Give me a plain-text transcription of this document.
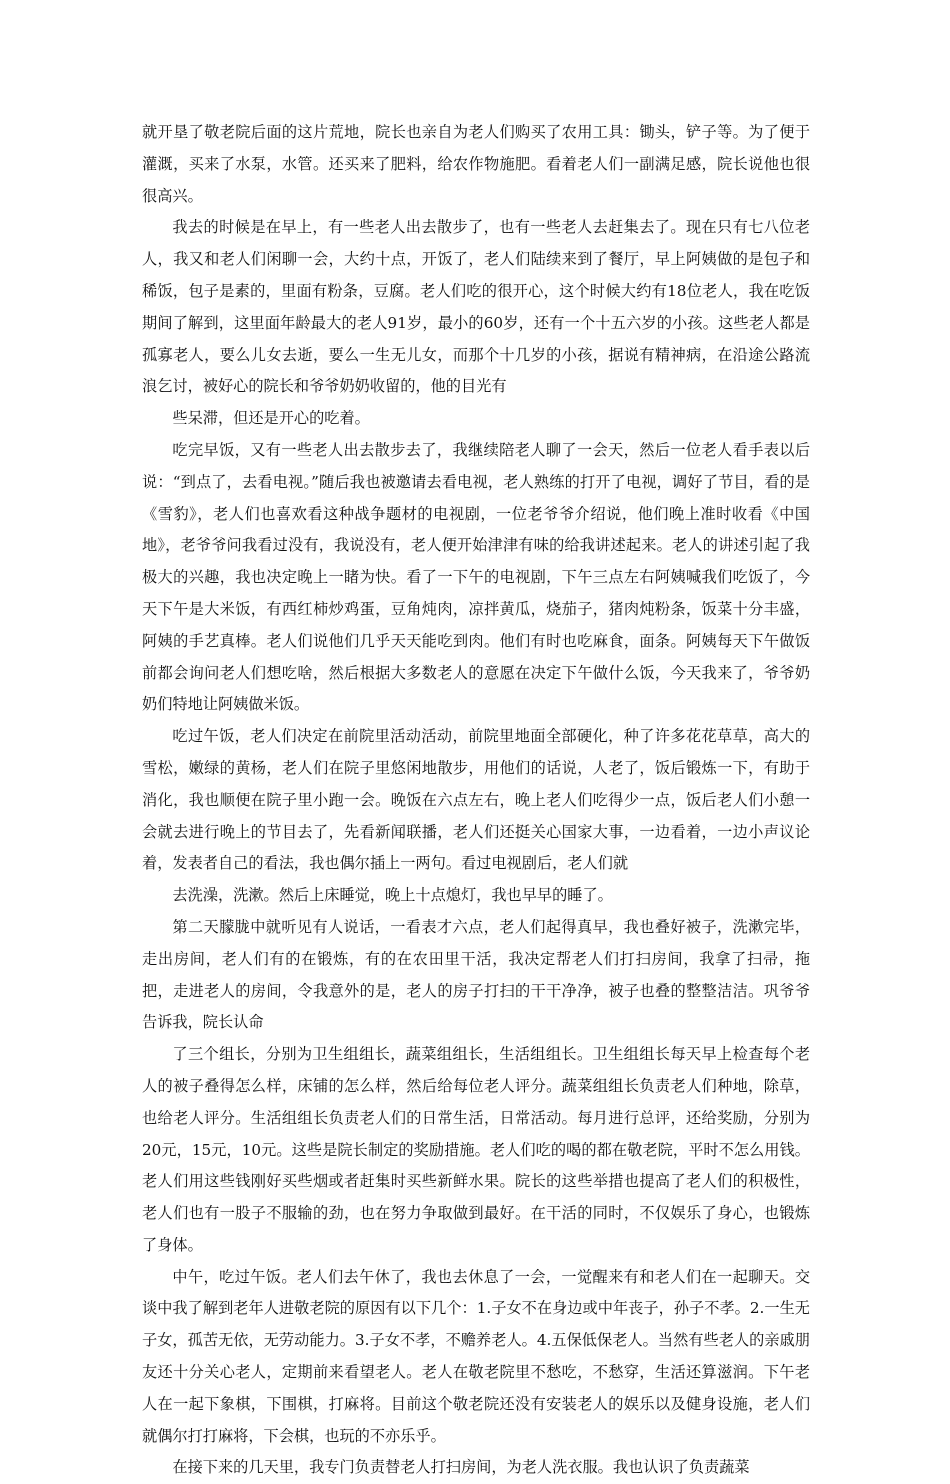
就开垦了敬老院后面的这片荒地，院长也亲自为老人们购买了农用工具：锄头，铲子等。为了便于灌溉，买来了水泵，水管。还买来了肥料，给农作物施肥。看着老人们一副满足感，院长说他也很很高兴。

我去的时候是在早上，有一些老人出去散步了，也有一些老人去赶集去了。现在只有七八位老人，我又和老人们闲聊一会，大约十点，开饭了，老人们陆续来到了餐厅，早上阿姨做的是包子和稀饭，包子是素的，里面有粉条，豆腐。老人们吃的很开心，这个时候大约有18位老人，我在吃饭期间了解到，这里面年龄最大的老人91岁，最小的60岁，还有一个十五六岁的小孩。这些老人都是孤寡老人，要么儿女去逝，要么一生无儿女，而那个十几岁的小孩，据说有精神病，在沿途公路流浪乞讨，被好心的院长和爷爷奶奶收留的，他的目光有

些呆滞，但还是开心的吃着。

吃完早饭，又有一些老人出去散步去了，我继续陪老人聊了一会天，然后一位老人看手表以后说：“到点了，去看电视。”随后我也被邀请去看电视，老人熟练的打开了电视，调好了节目，看的是《雪豹》，老人们也喜欢看这种战争题材的电视剧，一位老爷爷介绍说，他们晚上准时收看《中国地》，老爷爷问我看过没有，我说没有，老人便开始津津有味的给我讲述起来。老人的讲述引起了我极大的兴趣，我也决定晚上一睹为快。看了一下午的电视剧，下午三点左右阿姨喊我们吃饭了，今天下午是大米饭，有西红柿炒鸡蛋，豆角炖肉，凉拌黄瓜，烧茄子，猪肉炖粉条，饭菜十分丰盛，阿姨的手艺真棒。老人们说他们几乎天天能吃到肉。他们有时也吃麻食，面条。阿姨每天下午做饭前都会询问老人们想吃啥，然后根据大多数老人的意愿在决定下午做什么饭，今天我来了，爷爷奶奶们特地让阿姨做米饭。

吃过午饭，老人们决定在前院里活动活动，前院里地面全部硬化，种了许多花花草草，高大的雪松，嫩绿的黄杨，老人们在院子里悠闲地散步，用他们的话说，人老了，饭后锻炼一下，有助于消化，我也顺便在院子里小跑一会。晚饭在六点左右，晚上老人们吃得少一点，饭后老人们小憩一会就去进行晚上的节目去了，先看新闻联播，老人们还挺关心国家大事，一边看着，一边小声议论着，发表者自己的看法，我也偶尔插上一两句。看过电视剧后，老人们就

去洗澡，洗漱。然后上床睡觉，晚上十点熄灯，我也早早的睡了。

第二天朦胧中就听见有人说话，一看表才六点，老人们起得真早，我也叠好被子，洗漱完毕，走出房间，老人们有的在锻炼，有的在农田里干活，我决定帮老人们打扫房间，我拿了扫帚，拖把，走进老人的房间，令我意外的是，老人的房子打扫的干干净净，被子也叠的整整洁洁。巩爷爷告诉我，院长认命

了三个组长，分别为卫生组组长，蔬菜组组长，生活组组长。卫生组组长每天早上检查每个老人的被子叠得怎么样，床铺的怎么样，然后给每位老人评分。蔬菜组组长负责老人们种地，除草，也给老人评分。生活组组长负责老人们的日常生活，日常活动。每月进行总评，还给奖励，分别为20元，15元，10元。这些是院长制定的奖励措施。老人们吃的喝的都在敬老院，平时不怎么用钱。老人们用这些钱刚好买些烟或者赶集时买些新鲜水果。院长的这些举措也提高了老人们的积极性，老人们也有一股子不服输的劲，也在努力争取做到最好。在干活的同时，不仅娱乐了身心，也锻炼了身体。

中午，吃过午饭。老人们去午休了，我也去休息了一会，一觉醒来有和老人们在一起聊天。交谈中我了解到老年人进敬老院的原因有以下几个：1.子女不在身边或中年丧子，孙子不孝。2.一生无子女，孤苦无依，无劳动能力。3.子女不孝，不赡养老人。4.五保低保老人。当然有些老人的亲戚朋友还十分关心老人，定期前来看望老人。老人在敬老院里不愁吃，不愁穿，生活还算滋润。下午老人在一起下象棋，下围棋，打麻将。目前这个敬老院还没有安装老人的娱乐以及健身设施，老人们就偶尔打打麻将，下会棋，也玩的不亦乐乎。

在接下来的几天里，我专门负责替老人打扫房间，为老人洗衣服。我也认识了负责蔬菜
